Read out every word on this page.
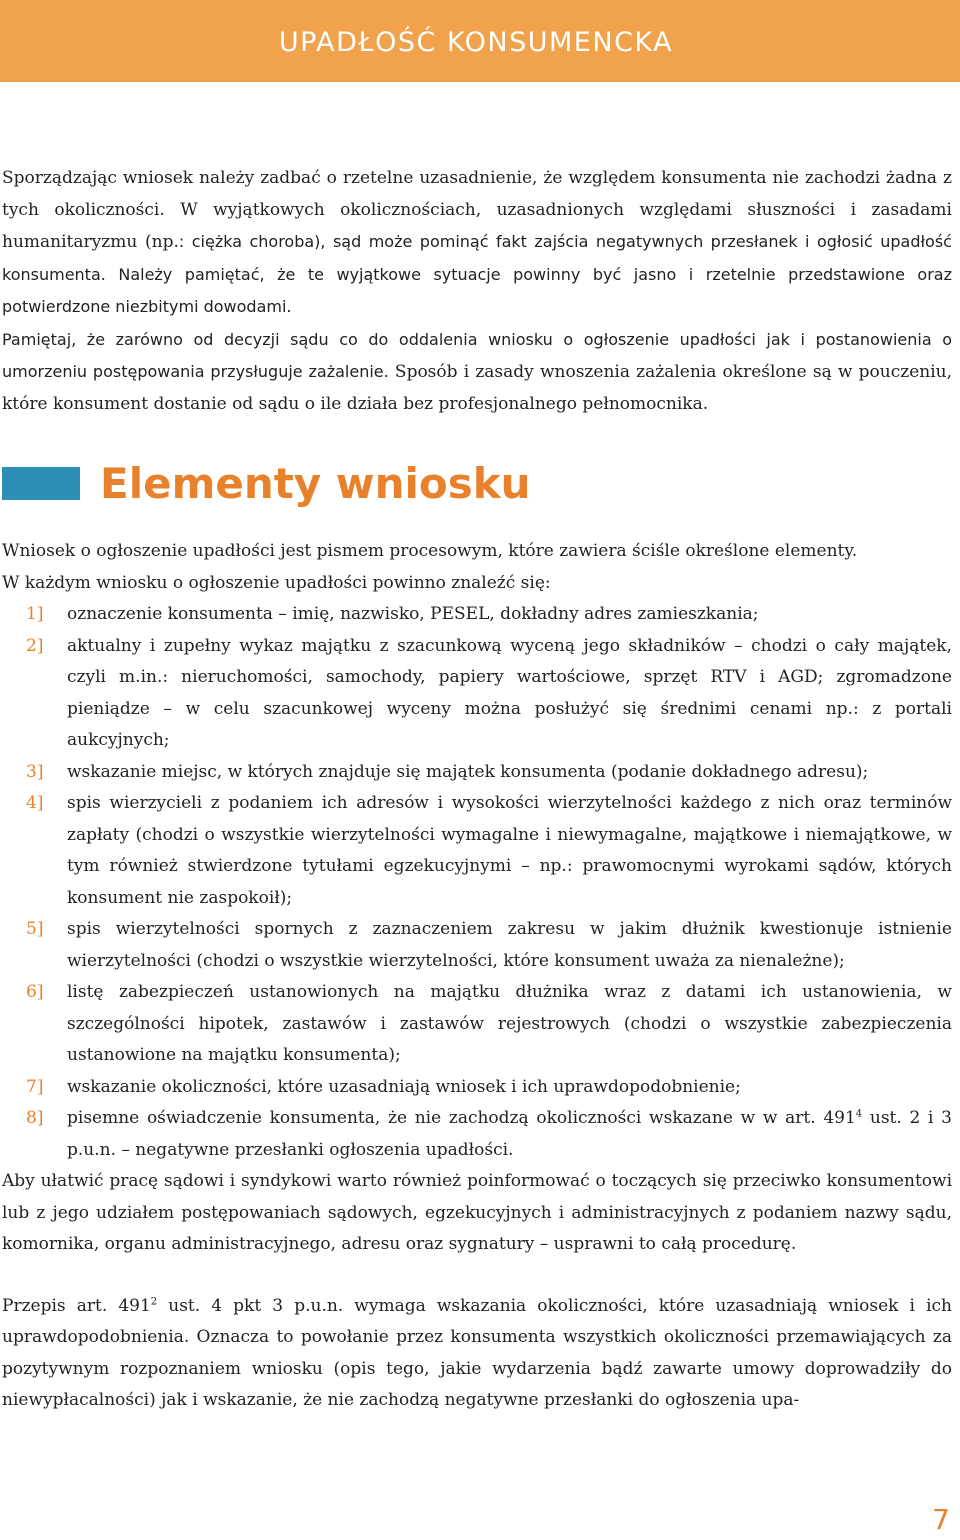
UPADŁOŚĆ KONSUMENCKA

Sporządzając wniosek należy zadbać o rzetelne uzasadnienie, że względem konsumenta nie zachodzi żadna z tych okoliczności. W wyjątkowych okolicznościach, uzasadnionych względami słuszności i zasadami humanitaryzmu (np.: ciężka choroba), sąd może pominąć fakt zajścia negatywnych przesłanek i ogłosić upadłość konsumenta. Należy pamiętać, że te wyjątkowe sytuacje powinny być jasno i rzetelnie przedstawione oraz potwierdzone niezbitymi dowodami.

Pamiętaj, że zarówno od decyzji sądu co do oddalenia wniosku o ogłoszenie upadłości jak i postanowienia o umorzeniu postępowania przysługuje zażalenie. Sposób i zasady wnoszenia zażalenia określone są w pouczeniu, które konsument dostanie od sądu o ile działa bez profesjonalnego pełnomocnika.

Elementy wniosku

Wniosek o ogłoszenie upadłości jest pismem procesowym, które zawiera ściśle określone elementy.

W każdym wniosku o ogłoszenie upadłości powinno znaleźć się:

1] oznaczenie konsumenta – imię, nazwisko, PESEL, dokładny adres zamieszkania;
2] aktualny i zupełny wykaz majątku z szacunkową wyceną jego składników – chodzi o cały majątek, czyli m.in.: nieruchomości, samochody, papiery wartościowe, sprzęt RTV i AGD; zgromadzone pieniądze – w celu szacunkowej wyceny można posłużyć się średnimi cenami np.: z portali aukcyjnych;
3] wskazanie miejsc, w których znajduje się majątek konsumenta (podanie dokładnego adresu);
4] spis wierzycieli z podaniem ich adresów i wysokości wierzytelności każdego z nich oraz terminów zapłaty (chodzi o wszystkie wierzytelności wymagalne i niewymagalne, majątkowe i niemajątkowe, w tym również stwierdzone tytułami egzekucyjnymi – np.: prawomocnymi wyrokami sądów, których konsument nie zaspokoił);
5] spis wierzytelności spornych z zaznaczeniem zakresu w jakim dłużnik kwestionuje istnienie wierzytelności (chodzi o wszystkie wierzytelności, które konsument uważa za nienależne);
6] listę zabezpieczeń ustanowionych na majątku dłużnika wraz z datami ich ustanowienia, w szczególności hipotek, zastawów i zastawów rejestrowych (chodzi o wszystkie zabezpieczenia ustanowione na majątku konsumenta);
7] wskazanie okoliczności, które uzasadniają wniosek i ich uprawdopodobnienie;
8] pisemne oświadczenie konsumenta, że nie zachodzą okoliczności wskazane w w art. $491^4$ ust. 2 i 3 p.u.n. – negatywne przesłanki ogłoszenia upadłości.

Aby ułatwić pracę sądowi i syndykowi warto również poinformować o toczących się przeciwko konsumentowi lub z jego udziałem postępowaniach sądowych, egzekucyjnych i administracyjnych z podaniem nazwy sądu, komornika, organu administracyjnego, adresu oraz sygnatury – usprawni to całą procedurę.

Przepis art. $491^2$ ust. 4 pkt 3 p.u.n. wymaga wskazania okoliczności, które uzasadniają wniosek i ich uprawdopodobnienia. Oznacza to powołanie przez konsumenta wszystkich okoliczności przemawiających za pozytywnym rozpoznaniem wniosku (opis tego, jakie wydarzenia bądź zawarte umowy doprowadziły do niewypłacalności) jak i wskazanie, że nie zachodzą negatywne przesłanki do ogłoszenia upa-

7
